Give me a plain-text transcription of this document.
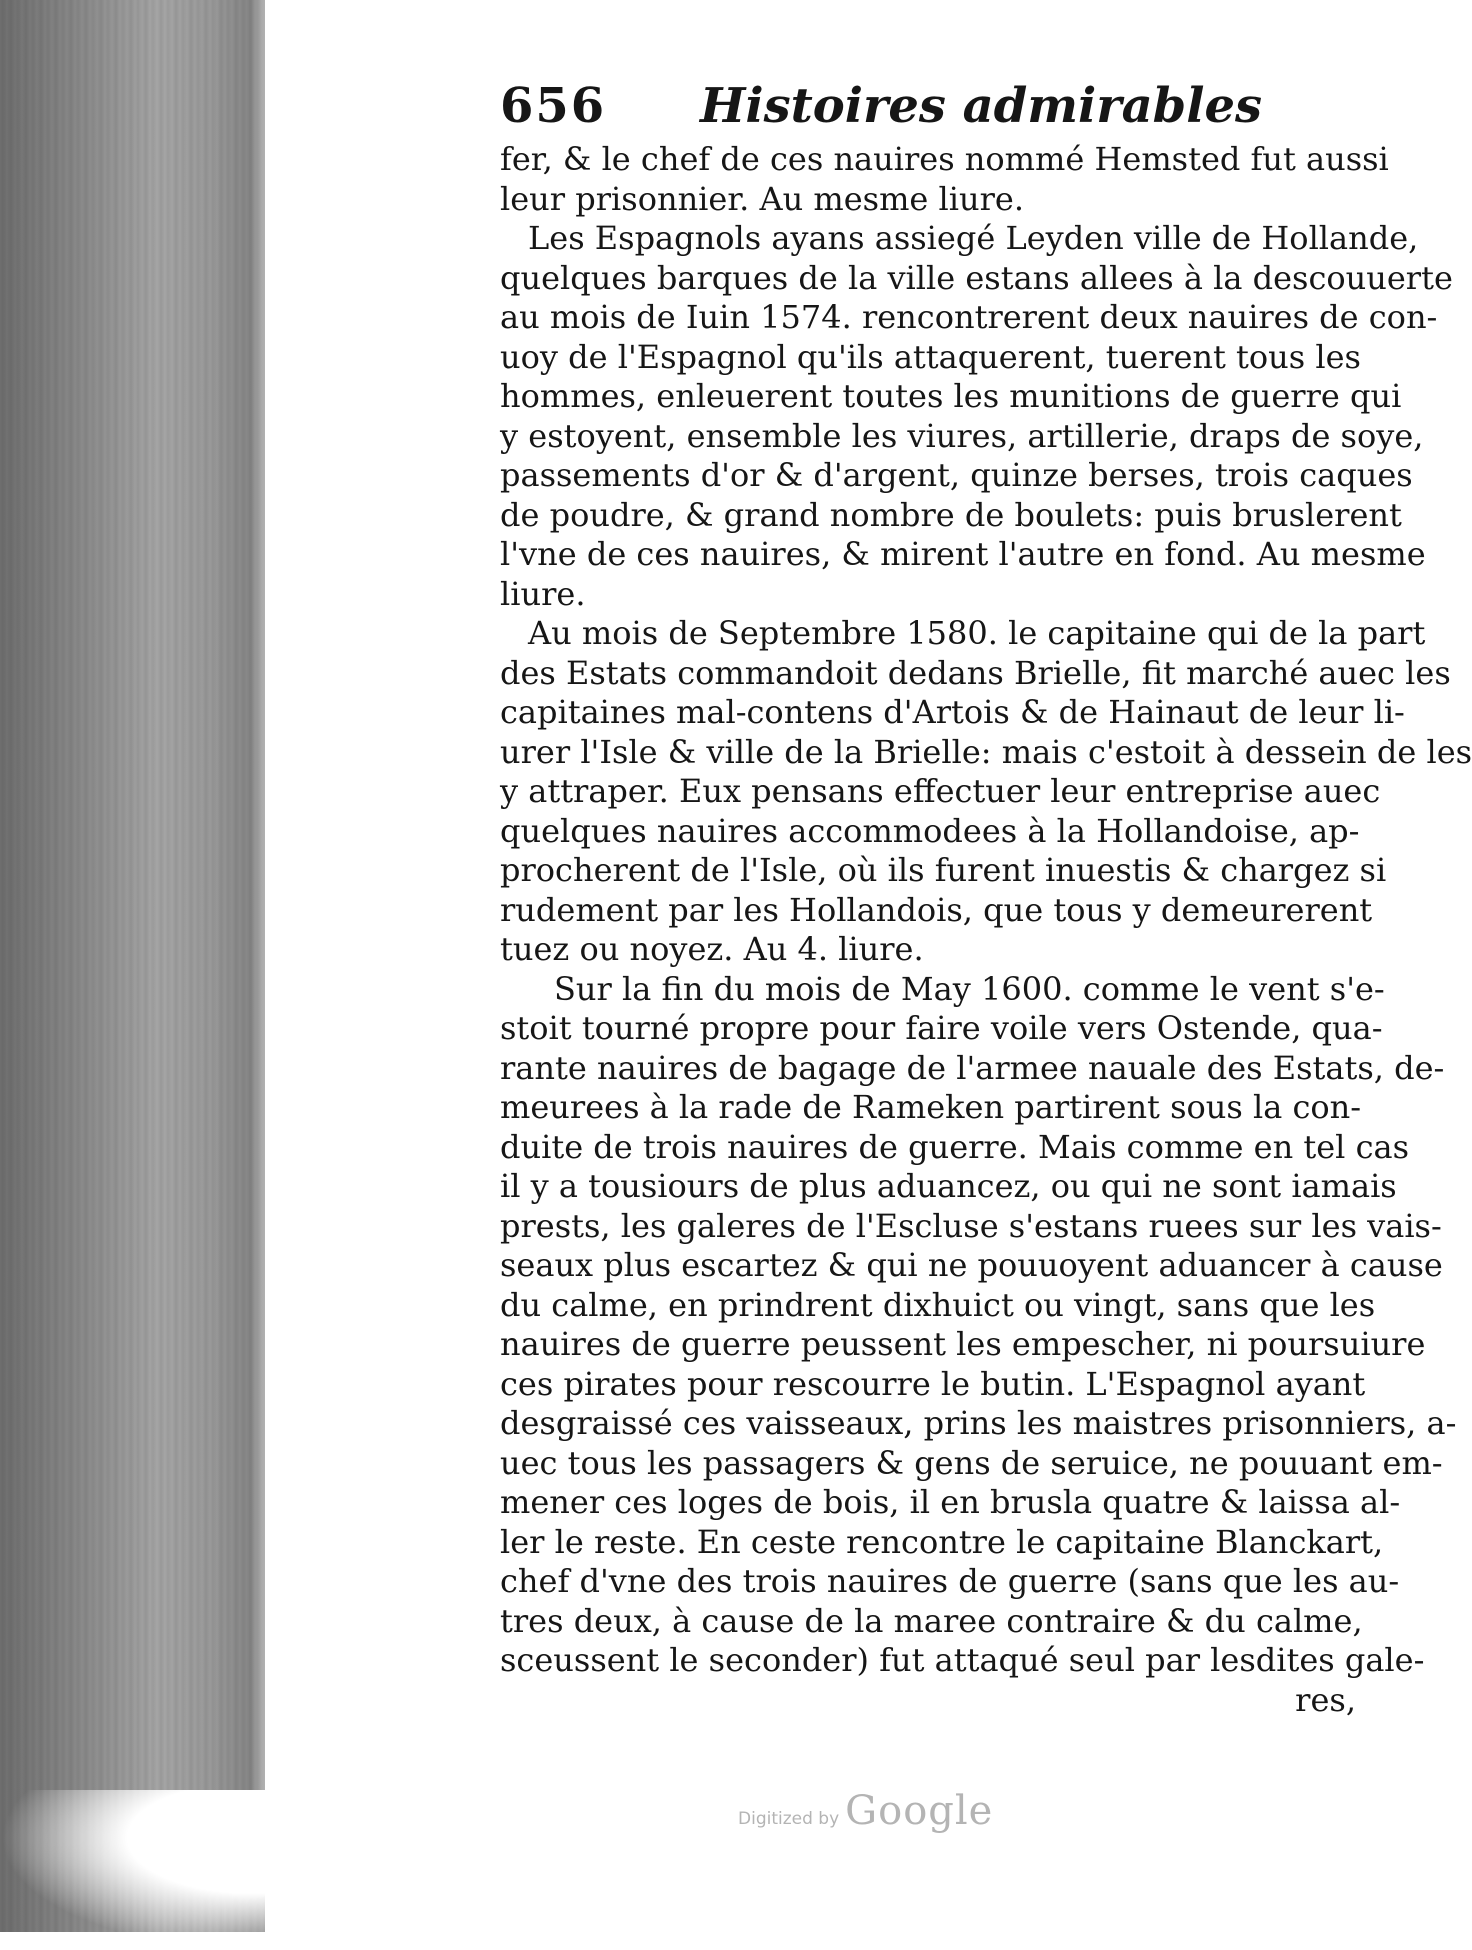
656	Histoires admirables
fer, & le chef de ces nauires nommé Hemsted fut aussi
leur prisonnier. Au mesme liure.
Les Espagnols ayans assiegé Leyden ville de Hollande,
quelques barques de la ville estans allees à la descouuerte
au mois de Iuin 1574. rencontrerent deux nauires de con-
uoy de l'Espagnol qu'ils attaquerent, tuerent tous les
hommes, enleuerent toutes les munitions de guerre qui
y estoyent, ensemble les viures, artillerie, draps de soye,
passements d'or & d'argent, quinze berses, trois caques
de poudre, & grand nombre de boulets: puis bruslerent
l'vne de ces nauires, & mirent l'autre en fond. Au mesme
liure.
Au mois de Septembre 1580. le capitaine qui de la part
des Estats commandoit dedans Brielle, fit marché auec les
capitaines mal-contens d'Artois & de Hainaut de leur li-
urer l'Isle & ville de la Brielle: mais c'estoit à dessein de les
y attraper. Eux pensans effectuer leur entreprise auec
quelques nauires accommodees à la Hollandoise, ap-
procherent de l'Isle, où ils furent inuestis & chargez si
rudement par les Hollandois, que tous y demeurerent
tuez ou noyez. Au 4. liure.
Sur la fin du mois de May 1600. comme le vent s'e-
stoit tourné propre pour faire voile vers Ostende, qua-
rante nauires de bagage de l'armee nauale des Estats, de-
meurees à la rade de Rameken partirent sous la con-
duite de trois nauires de guerre. Mais comme en tel cas
il y a tousiours de plus aduancez, ou qui ne sont iamais
prests, les galeres de l'Escluse s'estans ruees sur les vais-
seaux plus escartez & qui ne pouuoyent aduancer à cause
du calme, en prindrent dixhuict ou vingt, sans que les
nauires de guerre peussent les empescher, ni poursuiure
ces pirates pour rescourre le butin. L'Espagnol ayant
desgraissé ces vaisseaux, prins les maistres prisonniers, a-
uec tous les passagers & gens de seruice, ne pouuant em-
mener ces loges de bois, il en brusla quatre & laissa al-
ler le reste. En ceste rencontre le capitaine Blanckart,
chef d'vne des trois nauires de guerre (sans que les au-
tres deux, à cause de la maree contraire & du calme,
sceussent le seconder) fut attaqué seul par lesdites gale-
res,
Digitized by Google
